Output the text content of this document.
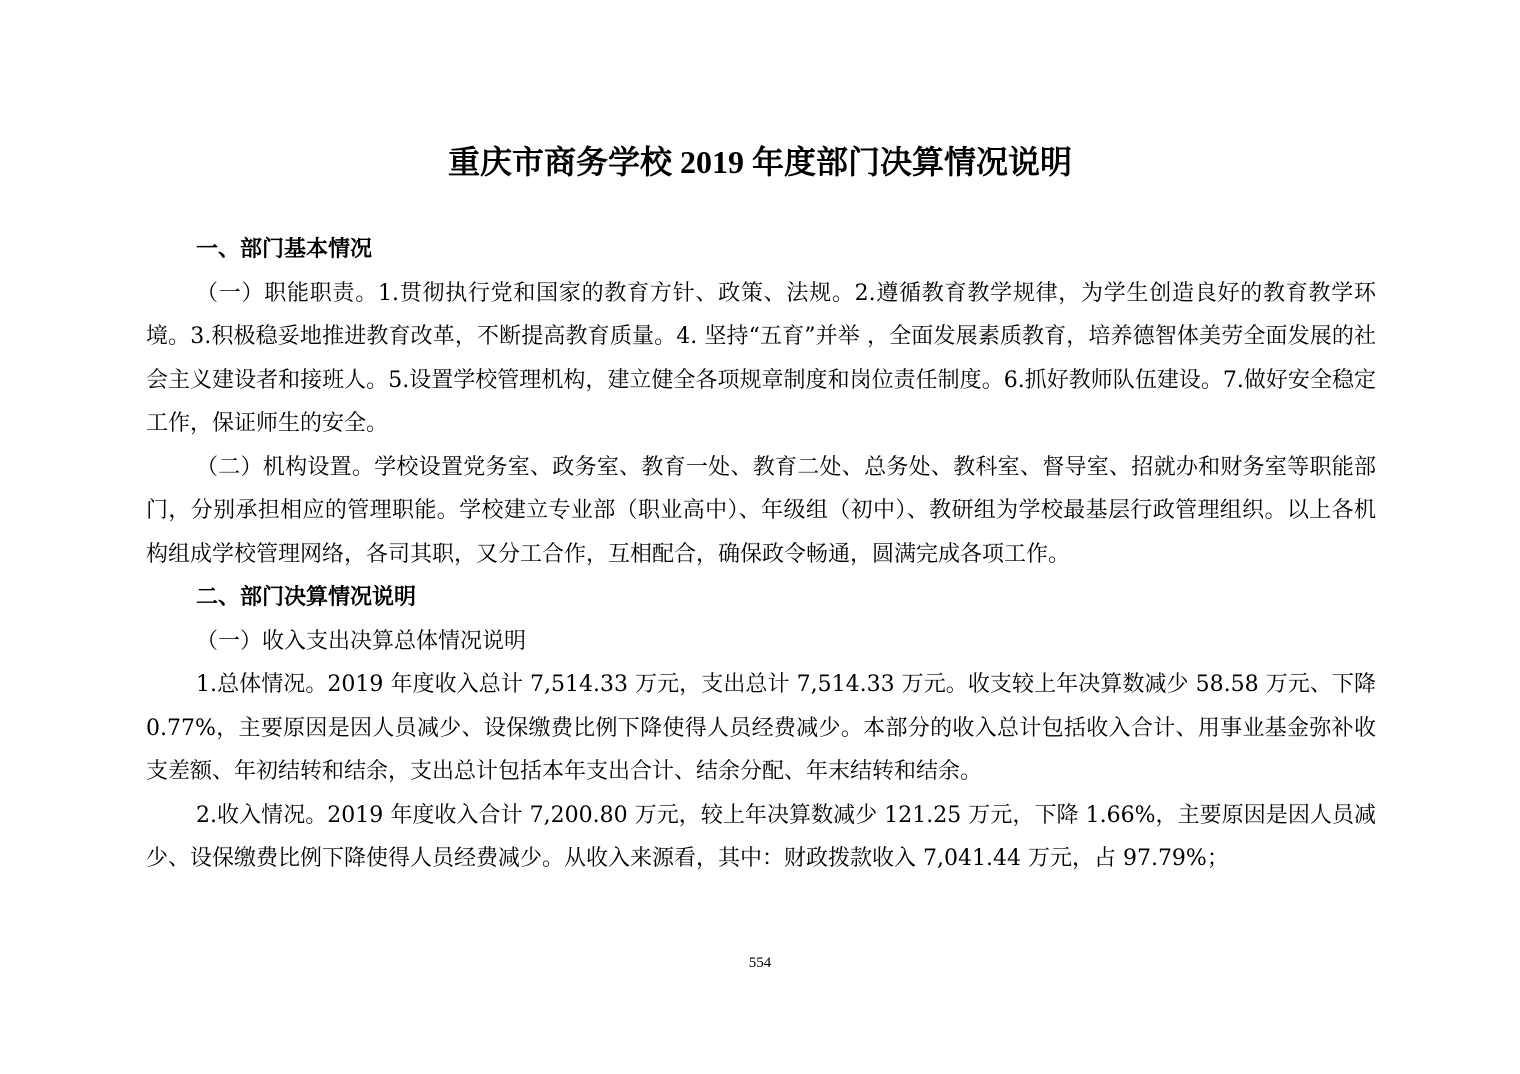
重庆市商务学校 2019 年度部门决算情况说明

一、部门基本情况

（一）职能职责。1.贯彻执行党和国家的教育方针、政策、法规。2.遵循教育教学规律，为学生创造良好的教育教学环境。3.积极稳妥地推进教育改革，不断提高教育质量。4. 坚持“五育”并举 ，全面发展素质教育，培养德智体美劳全面发展的社会主义建设者和接班人。5.设置学校管理机构，建立健全各项规章制度和岗位责任制度。6.抓好教师队伍建设。7.做好安全稳定工作，保证师生的安全。

（二）机构设置。学校设置党务室、政务室、教育一处、教育二处、总务处、教科室、督导室、招就办和财务室等职能部门，分别承担相应的管理职能。学校建立专业部（职业高中）、年级组（初中）、教研组为学校最基层行政管理组织。以上各机构组成学校管理网络，各司其职，又分工合作，互相配合，确保政令畅通，圆满完成各项工作。

二、部门决算情况说明

（一）收入支出决算总体情况说明

1.总体情况。2019 年度收入总计 7,514.33 万元，支出总计 7,514.33 万元。收支较上年决算数减少 58.58 万元、下降 0.77%，主要原因是因人员减少、设保缴费比例下降使得人员经费减少。本部分的收入总计包括收入合计、用事业基金弥补收支差额、年初结转和结余，支出总计包括本年支出合计、结余分配、年末结转和结余。

2.收入情况。2019 年度收入合计 7,200.80 万元，较上年决算数减少 121.25 万元，下降 1.66%，主要原因是因人员减少、设保缴费比例下降使得人员经费减少。从收入来源看，其中：财政拨款收入 7,041.44 万元，占 97.79%；

554
